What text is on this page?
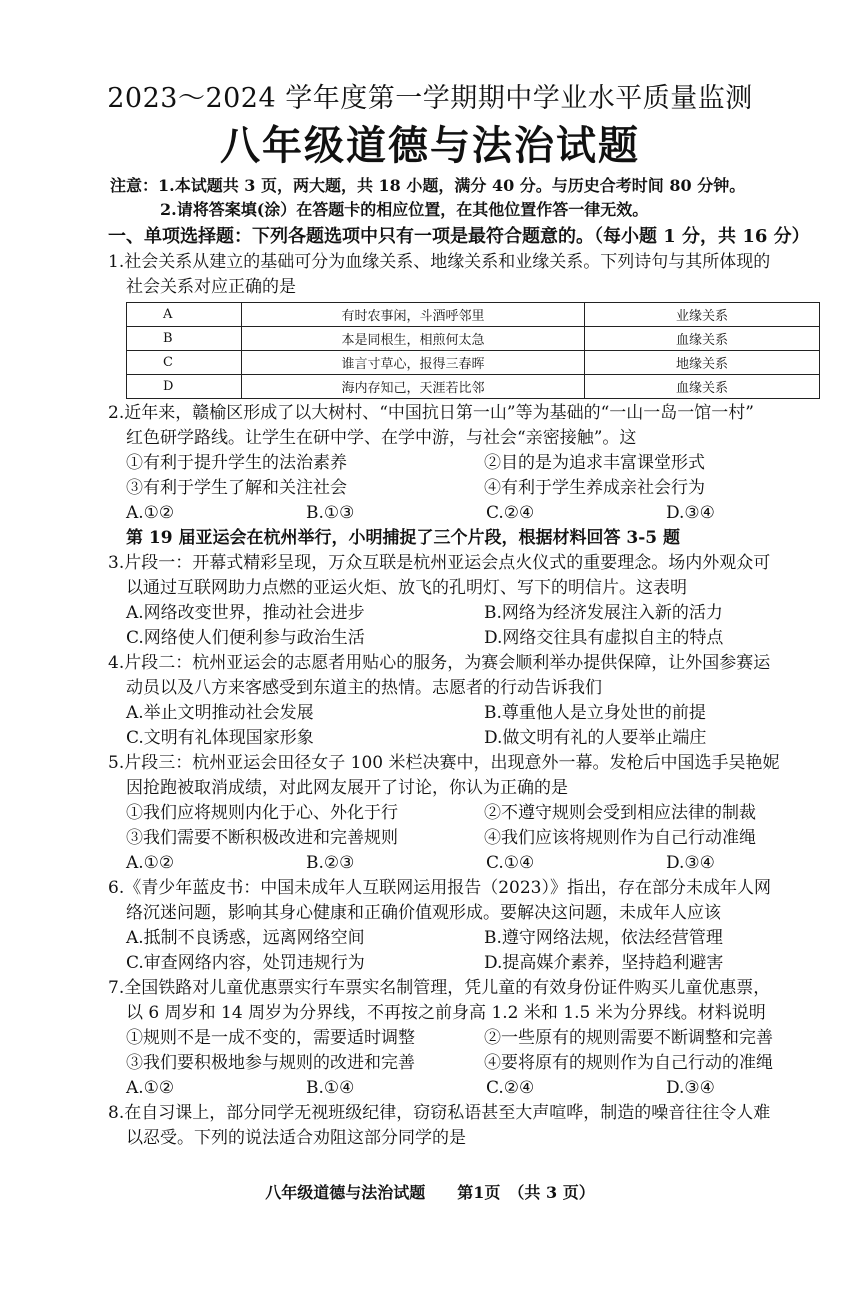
2023～2024 学年度第一学期期中学业水平质量监测
八年级道德与法治试题
注意：1.本试题共 3 页，两大题，共 18 小题，满分 40 分。与历史合考时间 80 分钟。
2.请将答案填(涂）在答题卡的相应位置，在其他位置作答一律无效。
一、单项选择题：下列各题选项中只有一项是最符合题意的。（每小题 1 分，共 16 分）
1.社会关系从建立的基础可分为血缘关系、地缘关系和业缘关系。下列诗句与其所体现的
社会关系对应正确的是
A	有时农事闲，斗酒呼邻里	业缘关系
B	本是同根生，相煎何太急	血缘关系
C	谁言寸草心，报得三春晖	地缘关系
D	海内存知己，天涯若比邻	血缘关系
2.近年来，赣榆区形成了以大树村、“中国抗日第一山”等为基础的“一山一岛一馆一村”
红色研学路线。让学生在研中学、在学中游，与社会“亲密接触”。这
①有利于提升学生的法治素养	②目的是为追求丰富课堂形式
③有利于学生了解和关注社会	④有利于学生养成亲社会行为
A.①②	B.①③	C.②④	D.③④
第 19 届亚运会在杭州举行，小明捕捉了三个片段，根据材料回答 3-5 题
3.片段一：开幕式精彩呈现，万众互联是杭州亚运会点火仪式的重要理念。场内外观众可
以通过互联网助力点燃的亚运火炬、放飞的孔明灯、写下的明信片。这表明
A.网络改变世界，推动社会进步	B.网络为经济发展注入新的活力
C.网络使人们便利参与政治生活	D.网络交往具有虚拟自主的特点
4.片段二：杭州亚运会的志愿者用贴心的服务，为赛会顺利举办提供保障，让外国参赛运
动员以及八方来客感受到东道主的热情。志愿者的行动告诉我们
A.举止文明推动社会发展	B.尊重他人是立身处世的前提
C.文明有礼体现国家形象	D.做文明有礼的人要举止端庄
5.片段三：杭州亚运会田径女子 100 米栏决赛中，出现意外一幕。发枪后中国选手吴艳妮
因抢跑被取消成绩，对此网友展开了讨论，你认为正确的是
①我们应将规则内化于心、外化于行	②不遵守规则会受到相应法律的制裁
③我们需要不断积极改进和完善规则	④我们应该将规则作为自己行动准绳
A.①②	B.②③	C.①④	D.③④
6.《青少年蓝皮书：中国未成年人互联网运用报告（2023）》指出，存在部分未成年人网
络沉迷问题，影响其身心健康和正确价值观形成。要解决这问题，未成年人应该
A.抵制不良诱惑，远离网络空间	B.遵守网络法规，依法经营管理
C.审查网络内容，处罚违规行为	D.提高媒介素养，坚持趋利避害
7.全国铁路对儿童优惠票实行车票实名制管理，凭儿童的有效身份证件购买儿童优惠票，
以 6 周岁和 14 周岁为分界线，不再按之前身高 1.2 米和 1.5 米为分界线。材料说明
①规则不是一成不变的，需要适时调整	②一些原有的规则需要不断调整和完善
③我们要积极地参与规则的改进和完善	④要将原有的规则作为自己行动的准绳
A.①②	B.①④	C.②④	D.③④
8.在自习课上，部分同学无视班级纪律，窃窃私语甚至大声喧哗，制造的噪音往往令人难
以忍受。下列的说法适合劝阻这部分同学的是
八年级道德与法治试题　　第1页　（共 3 页）
